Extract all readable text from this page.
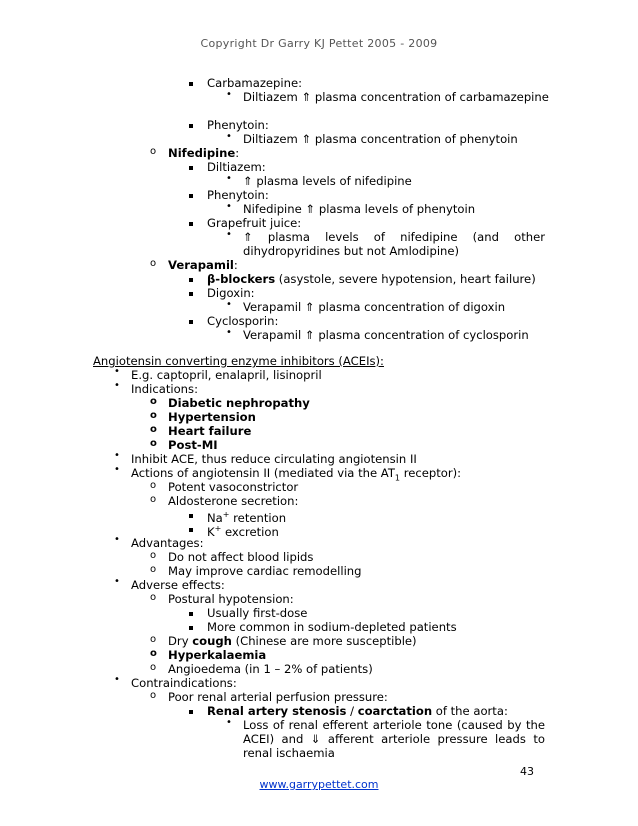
Copyright Dr Garry KJ Pettet 2005 - 2009
Carbamazepine:
• Diltiazem ⇑ plasma concentration of carbamazepine
Phenytoin:
• Diltiazem ⇑ plasma concentration of phenytoin
o Nifedipine:
Diltiazem:
• ⇑ plasma levels of nifedipine
Phenytoin:
• Nifedipine ⇑ plasma levels of phenytoin
Grapefruit juice:
• ⇑ plasma levels of nifedipine (and other
dihydropyridines but not Amlodipine)
o Verapamil:
β-blockers (asystole, severe hypotension, heart failure)
Digoxin:
• Verapamil ⇑ plasma concentration of digoxin
Cyclosporin:
• Verapamil ⇑ plasma concentration of cyclosporin
Angiotensin converting enzyme inhibitors (ACEIs):
• E.g. captopril, enalapril, lisinopril
• Indications:
o Diabetic nephropathy
o Hypertension
o Heart failure
o Post-MI
• Inhibit ACE, thus reduce circulating angiotensin II
• Actions of angiotensin II (mediated via the $AT_1$ receptor):
o Potent vasoconstrictor
o Aldosterone secretion:
Na+ retention
K+ excretion
• Advantages:
o Do not affect blood lipids
o May improve cardiac remodelling
• Adverse effects:
o Postural hypotension:
Usually first-dose
More common in sodium-depleted patients
o Dry cough (Chinese are more susceptible)
o Hyperkalaemia
o Angioedema (in 1 – 2% of patients)
• Contraindications:
o Poor renal arterial perfusion pressure:
Renal artery stenosis / coarctation of the aorta:
• Loss of renal efferent arteriole tone (caused by the
ACEI) and ⇓ afferent arteriole pressure leads to
renal ischaemia
43
www.garrypettet.com
